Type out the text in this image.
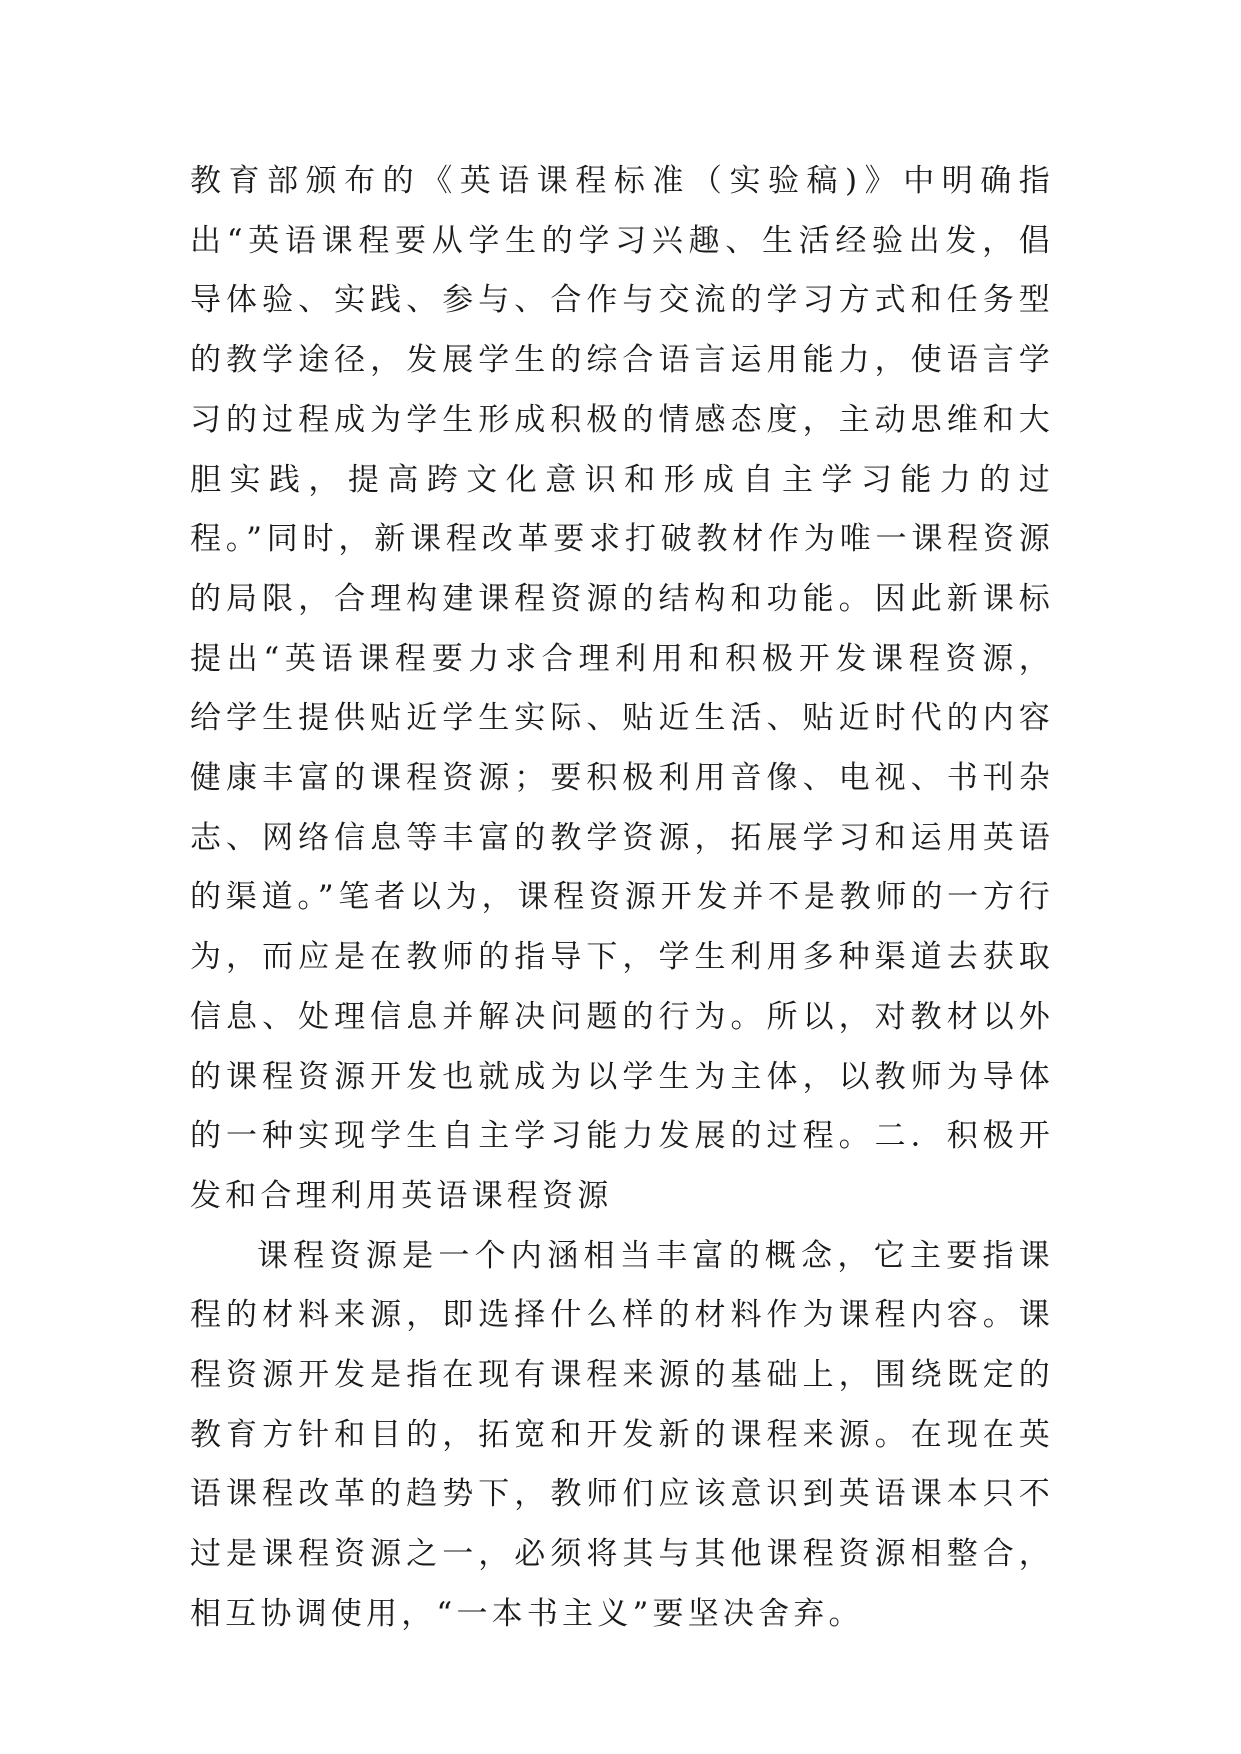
教育部颁布的《英语课程标准（实验稿)》中明确指出“英语课程要从学生的学习兴趣、生活经验出发，倡导体验、实践、参与、合作与交流的学习方式和任务型的教学途径，发展学生的综合语言运用能力，使语言学习的过程成为学生形成积极的情感态度，主动思维和大胆实践，提高跨文化意识和形成自主学习能力的过程。”同时，新课程改革要求打破教材作为唯一课程资源的局限，合理构建课程资源的结构和功能。因此新课标提出“英语课程要力求合理利用和积极开发课程资源，给学生提供贴近学生实际、贴近生活、贴近时代的内容健康丰富的课程资源；要积极利用音像、电视、书刊杂志、网络信息等丰富的教学资源，拓展学习和运用英语的渠道。”笔者以为，课程资源开发并不是教师的一方行为，而应是在教师的指导下，学生利用多种渠道去获取信息、处理信息并解决问题的行为。所以，对教材以外的课程资源开发也就成为以学生为主体，以教师为导体的一种实现学生自主学习能力发展的过程。二．积极开发和合理利用英语课程资源

课程资源是一个内涵相当丰富的概念，它主要指课程的材料来源，即选择什么样的材料作为课程内容。课程资源开发是指在现有课程来源的基础上，围绕既定的教育方针和目的，拓宽和开发新的课程来源。在现在英语课程改革的趋势下，教师们应该意识到英语课本只不过是课程资源之一，必须将其与其他课程资源相整合，相互协调使用，“一本书主义”要坚决舍弃。
